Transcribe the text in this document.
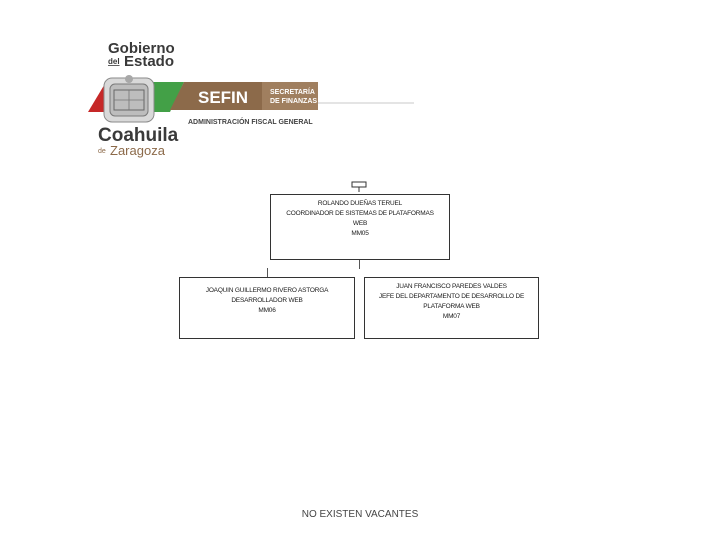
Gobierno
del Estado
SEFIN	SECRETARÍA
DE FINANZAS
ADMINISTRACIÓN FISCAL GENERAL
Coahuila
de Zaragoza
ROLANDO DUEÑAS TERUEL
COORDINADOR DE SISTEMAS DE PLATAFORMAS
WEB
MM05
JOAQUIN GUILLERMO RIVERO ASTORGA
DESARROLLADOR WEB
MM06
JUAN FRANCISCO PAREDES VALDES
JEFE DEL DEPARTAMENTO DE DESARROLLO DE
PLATAFORMA WEB
MM07
NO EXISTEN VACANTES
